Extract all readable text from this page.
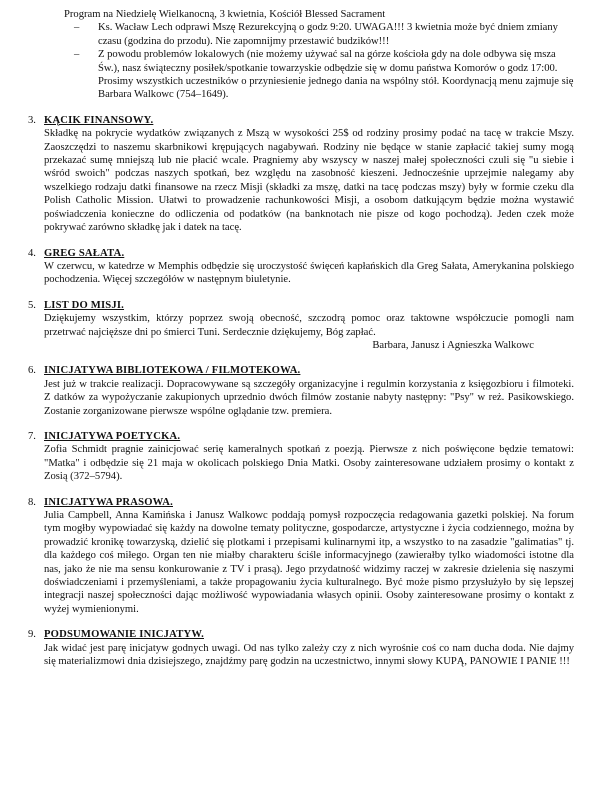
Program na Niedzielę Wielkanocną, 3 kwietnia, Kościół Blessed Sacrament
– Ks. Wacław Lech odprawi Mszę Rezurekcyjną o godz 9:20. UWAGA!!! 3 kwietnia może być dniem zmiany czasu (godzina do przodu). Nie zapomnijmy przestawić budzików!!!
– Z powodu problemów lokalowych (nie możemy używać sal na górze kościoła gdy na dole odbywa się msza Św.), nasz świąteczny posiłek/spotkanie towarzyskie odbędzie się w domu państwa Komorów o godz 17:00. Prosimy wszystkich uczestników o przyniesienie jednego dania na wspólny stół. Koordynacją menu zajmuje się Barbara Walkowc (754–1649).
3. KĄCIK FINANSOWY.
Składkę na pokrycie wydatków związanych z Mszą w wysokości 25$ od rodziny prosimy podać na tacę w trakcie Mszy. Zaoszczędzi to naszemu skarbnikowi krępujących nagabywań. Rodziny nie będące w stanie zapłacić takiej sumy mogą przekazać sumę mniejszą lub nie płacić wcale. Pragniemy aby wszyscy w naszej małej społeczności czuli się "u siebie i wśród swoich" podczas naszych spotkań, bez względu na zasobność kieszeni. Jednocześnie uprzejmie nalegamy aby wszelkiego rodzaju datki finansowe na rzecz Misji (składki za mszę, datki na tacę podczas mszy) były w formie czeku dla Polish Catholic Mission. Ułatwi to prowadzenie rachunkowości Misji, a osobom datkującym będzie można wystawić poświadczenia konieczne do odliczenia od podatków (na banknotach nie pisze od kogo pochodzą). Jeden czek może pokrywać zarówno składkę jak i datek na tacę.
4. GREG SAŁATA.
W czerwcu, w katedrze w Memphis odbędzie się uroczystość święceń kapłańskich dla Greg Sałata, Amerykanina polskiego pochodzenia. Więcej szczegółów w następnym biuletynie.
5. LIST DO MISJI.
Dziękujemy wszystkim, którzy poprzez swoją obecność, szczodrą pomoc oraz taktowne współczucie pomogli nam przetrwać najcięższe dni po śmierci Tuni. Serdecznie dziękujemy, Bóg zapłać.
Barbara, Janusz i Agnieszka Walkowc
6. INICJATYWA BIBLIOTEKOWA / FILMOTEKOWA.
Jest już w trakcie realizacji. Dopracowywane są szczegóły organizacyjne i regulmin korzystania z księgozbioru i filmoteki. Z datków za wypożyczanie zakupionych uprzednio dwóch filmów zostanie nabyty następny: "Psy" w reż. Pasikowskiego. Zostanie zorganizowane pierwsze wspólne oglądanie tzw. premiera.
7. INICJATYWA POETYCKA.
Zofia Schmidt pragnie zainicjować serię kameralnych spotkań z poezją. Pierwsze z nich poświęcone będzie tematowi: "Matka" i odbędzie się 21 maja w okolicach polskiego Dnia Matki. Osoby zainteresowane udziałem prosimy o kontakt z Zosią (372–5794).
8. INICJATYWA PRASOWA.
Julia Campbell, Anna Kamińska i Janusz Walkowc poddają pomysł rozpoczęcia redagowania gazetki polskiej. Na forum tym mogłby wypowiadać się każdy na dowolne tematy polityczne, gospodarcze, artystyczne i życia codziennego, można by prowadzić kronikę towarzyską, dzielić się plotkami i przepisami kulinarnymi itp, a wszystko to na zasadzie "galimatias" tj. dla każdego coś miłego. Organ ten nie miałby charakteru ściśle informacyjnego (zawierałby tylko wiadomości istotne dla nas, jako że nie ma sensu konkurowanie z TV i prasą). Jego przydatność widzimy raczej w zakresie dzielenia się naszymi doświadczeniami i przemyśleniami, a także propagowaniu życia kulturalnego. Być może pismo przysłużyło by się lepszej integracji naszej społeczności dając możliwość wypowiadania własych opinii. Osoby zainteresowane prosimy o kontakt z wyżej wymienionymi.
9. PODSUMOWANIE INICJATYW.
Jak widać jest parę inicjatyw godnych uwagi. Od nas tylko zależy czy z nich wyrośnie coś co nam ducha doda. Nie dajmy się materializmowi dnia dzisiejszego, znajdźmy parę godzin na uczestnictwo, innymi słowy KUPĄ, PANOWIE I PANIE !!!
